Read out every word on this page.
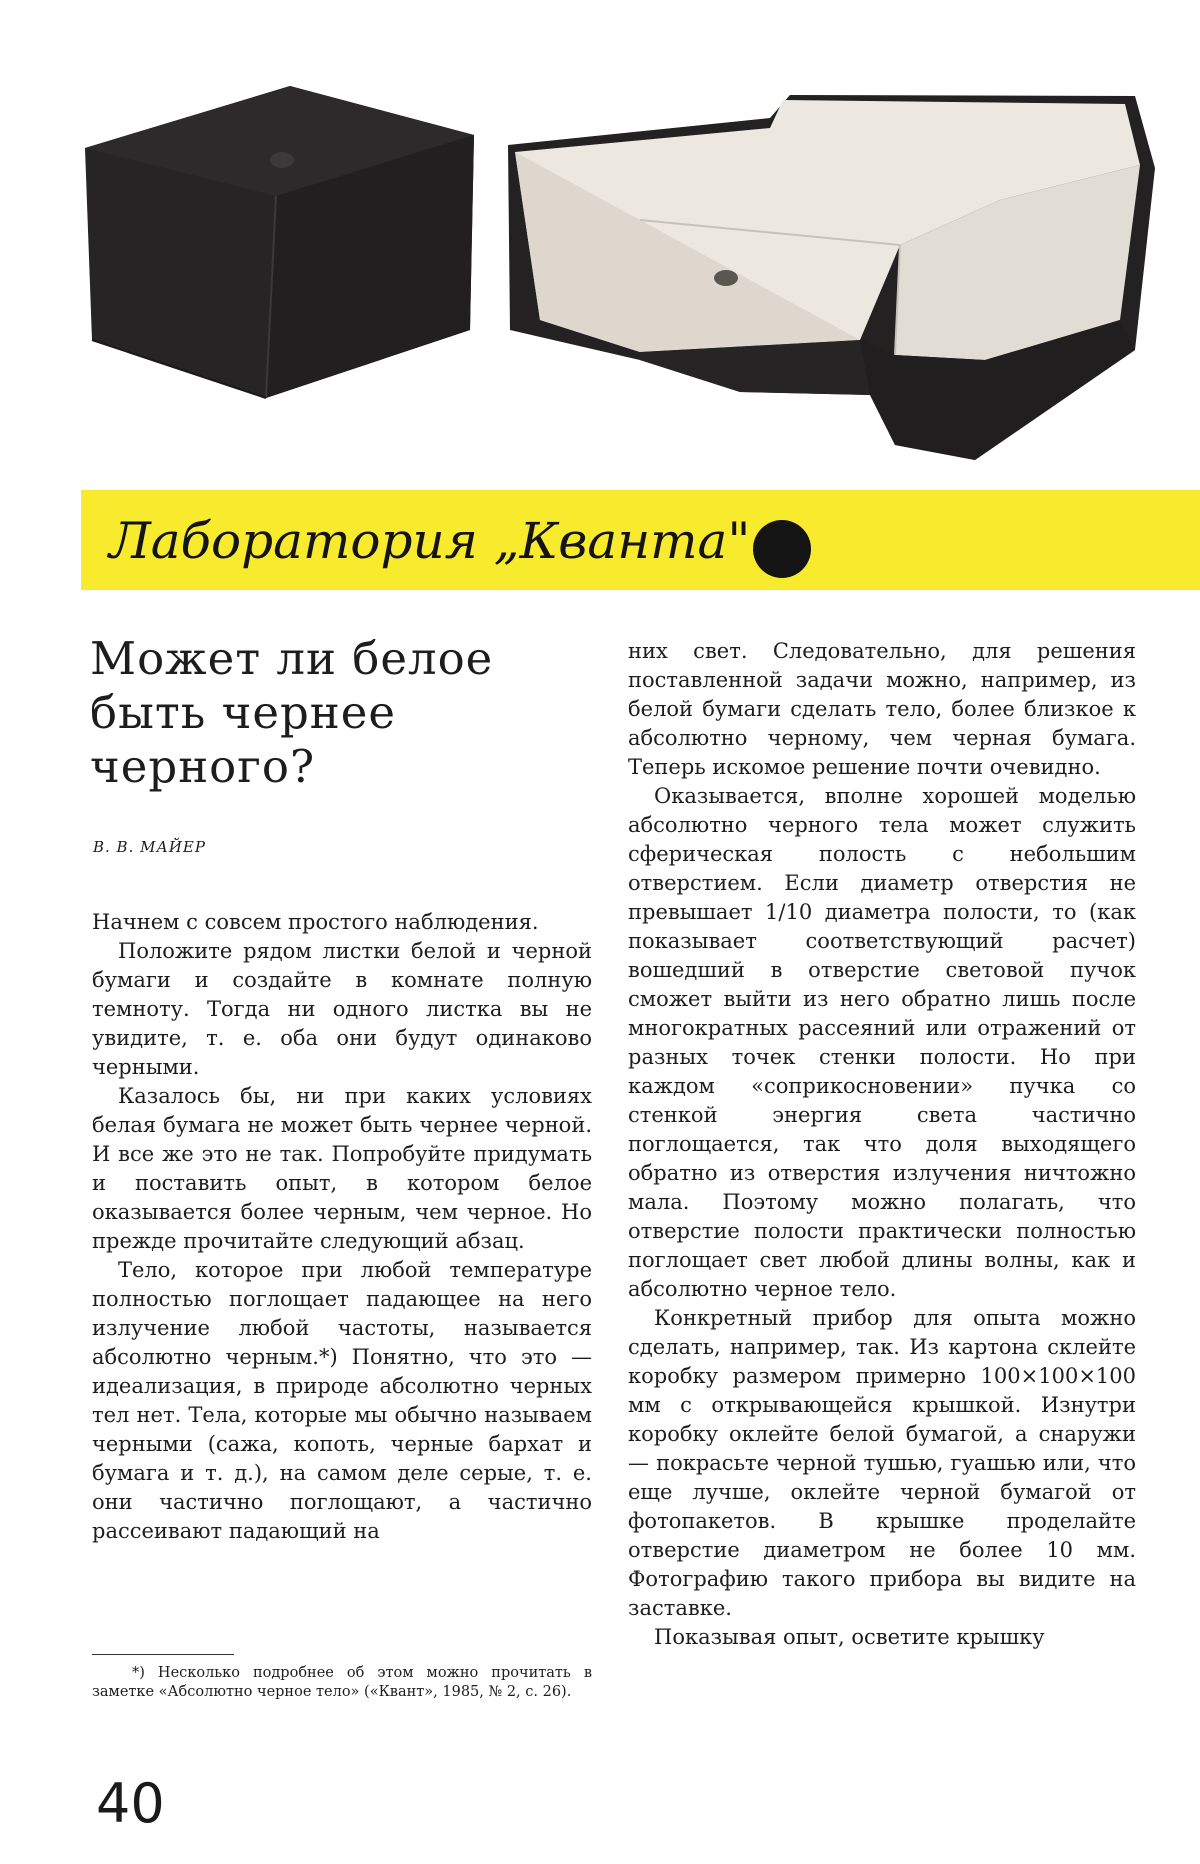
Лаборатория „Кванта"
Может ли белое
быть чернее
черного?
В. В. МАЙЕР

Начнем с совсем простого наблюдения.

Положите рядом листки белой и черной бумаги и создайте в комнате полную темноту. Тогда ни одного листка вы не увидите, т. е. оба они будут одинаково черными.

Казалось бы, ни при каких условиях белая бумага не может быть чернее черной. И все же это не так. Попробуйте придумать и поставить опыт, в котором белое оказывается более черным, чем черное. Но прежде прочитайте следующий абзац.

Тело, которое при любой температуре полностью поглощает падающее на него излучение любой частоты, называется абсолютно черным.*) Понятно, что это — идеализация, в природе абсолютно черных тел нет. Тела, которые мы обычно называем черными (сажа, копоть, черные бархат и бумага и т. д.), на самом деле серые, т. е. они частично поглощают, а частично рассеивают падающий на

*) Несколько подробнее об этом можно прочитать в заметке «Абсолютно черное тело» («Квант», 1985, № 2, с. 26).

них свет. Следовательно, для решения поставленной задачи можно, например, из белой бумаги сделать тело, более близкое к абсолютно черному, чем черная бумага. Теперь искомое решение почти очевидно.

Оказывается, вполне хорошей моделью абсолютно черного тела может служить сферическая полость с небольшим отверстием. Если диаметр отверстия не превышает 1/10 диаметра полости, то (как показывает соответствующий расчет) вошедший в отверстие световой пучок сможет выйти из него обратно лишь после многократных рассеяний или отражений от разных точек стенки полости. Но при каждом «соприкосновении» пучка со стенкой энергия света частично поглощается, так что доля выходящего обратно из отверстия излучения ничтожно мала. Поэтому можно полагать, что отверстие полости практически полностью поглощает свет любой длины волны, как и абсолютно черное тело.

Конкретный прибор для опыта можно сделать, например, так. Из картона склейте коробку размером примерно 100×100×100 мм с открывающейся крышкой. Изнутри коробку оклейте белой бумагой, а снаружи — покрасьте черной тушью, гуашью или, что еще лучше, оклейте черной бумагой от фотопакетов. В крышке проделайте отверстие диаметром не более 10 мм. Фотографию такого прибора вы видите на заставке.

Показывая опыт, осветите крышку

40
